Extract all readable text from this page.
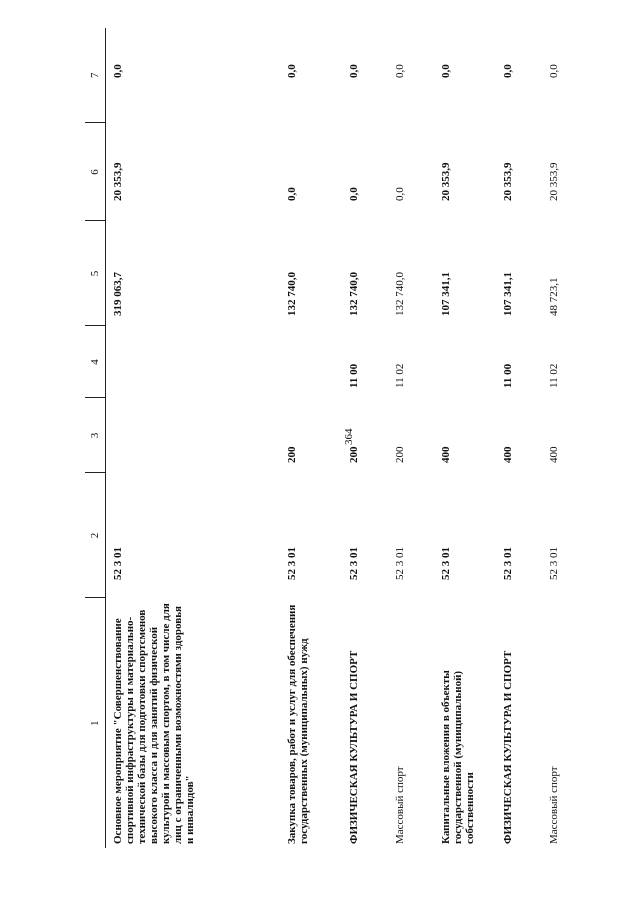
364
1	2	3	4	5	6	7
Основное мероприятие "Совершенствование спортивной инфраструктуры и материально-технической базы для подготовки спортсменов высокого класса и для занятий физической культурой и массовым спортом, в том числе для лиц с ограниченными возможностями здоровья и инвалидов"	52 3 01			319 063,7	20 353,9	0,0
Закупка товаров, работ и услуг для обеспечения государственных (муниципальных) нужд	52 3 01	200		132 740,0	0,0	0,0
ФИЗИЧЕСКАЯ КУЛЬТУРА И СПОРТ	52 3 01	200	11 00	132 740,0	0,0	0,0
Массовый спорт	52 3 01	200	11 02	132 740,0	0,0	0,0
Капитальные вложения в объекты государственной (муниципальной) собственности	52 3 01	400		107 341,1	20 353,9	0,0
ФИЗИЧЕСКАЯ КУЛЬТУРА И СПОРТ	52 3 01	400	11 00	107 341,1	20 353,9	0,0
Массовый спорт	52 3 01	400	11 02	48 723,1	20 353,9	0,0
